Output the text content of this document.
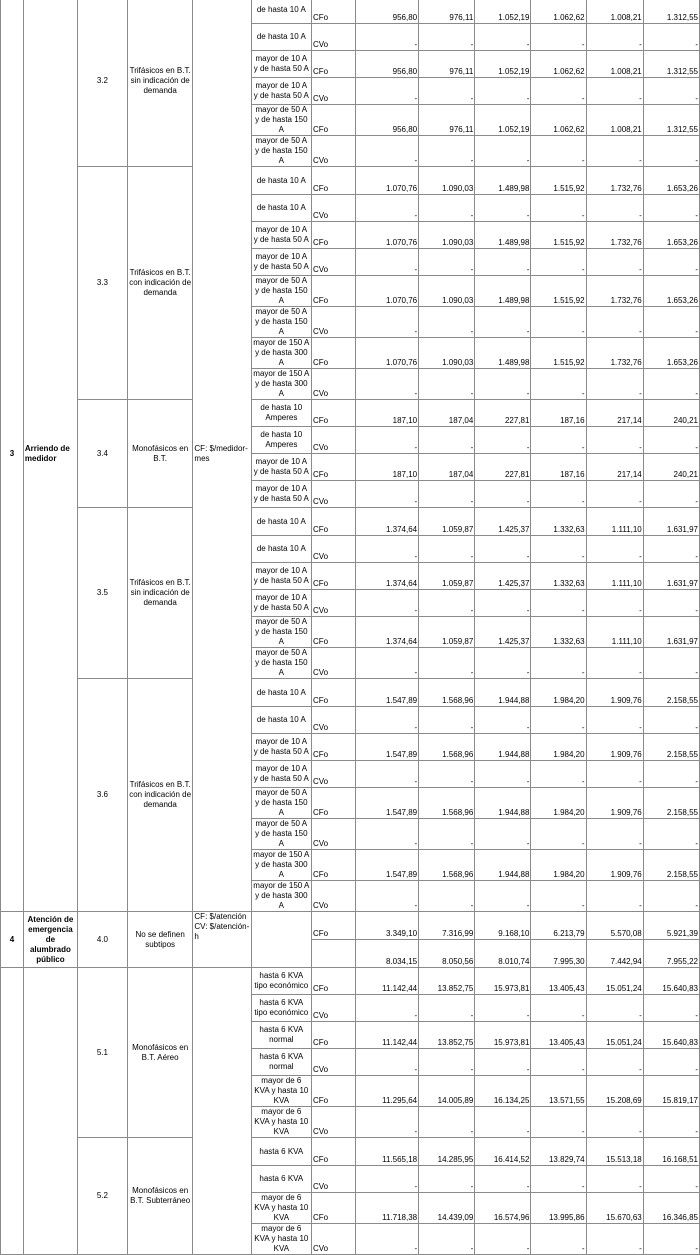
3	Arriendo de medidor	3.2	Trifásicos en B.T. sin indicación de demanda	CF: $/medidor-mes	de hasta 10 A	CFo	956,80	976,11	1.052,19	1.062,62	1.008,21	1.312,55
					de hasta 10 A	CVo	-	-	-	-	-	-
					mayor de 10 A y de hasta 50 A	CFo	956,80	976,11	1.052,19	1.062,62	1.008,21	1.312,55
					mayor de 10 A y de hasta 50 A	CVo	-	-	-	-	-	-
					mayor de 50 A y de hasta 150 A	CFo	956,80	976,11	1.052,19	1.062,62	1.008,21	1.312,55
					mayor de 50 A y de hasta 150 A	CVo	-	-	-	-	-	-
		3.3	Trifásicos en B.T. con indicación de demanda		de hasta 10 A	CFo	1.070,76	1.090,03	1.489,98	1.515,92	1.732,76	1.653,26
					de hasta 10 A	CVo	-	-	-	-	-	-
					mayor de 10 A y de hasta 50 A	CFo	1.070,76	1.090,03	1.489,98	1.515,92	1.732,76	1.653,26
					mayor de 10 A y de hasta 50 A	CVo	-	-	-	-	-	-
					mayor de 50 A y de hasta 150 A	CFo	1.070,76	1.090,03	1.489,98	1.515,92	1.732,76	1.653,26
					mayor de 50 A y de hasta 150 A	CVo	-	-	-	-	-	-
					mayor de 150 A y de hasta 300 A	CFo	1.070,76	1.090,03	1.489,98	1.515,92	1.732,76	1.653,26
					mayor de 150 A y de hasta 300 A	CVo	-	-	-	-	-	-
		3.4	Monofásicos en B.T.		de hasta 10 Amperes	CFo	187,10	187,04	227,81	187,16	217,14	240,21
					de hasta 10 Amperes	CVo	-	-	-	-	-	-
					mayor de 10 A y de hasta 50 A	CFo	187,10	187,04	227,81	187,16	217,14	240,21
					mayor de 10 A y de hasta 50 A	CVo	-	-	-	-	-	-
		3.5	Trifásicos en B.T. sin indicación de demanda		de hasta 10 A	CFo	1.374,64	1.059,87	1.425,37	1.332,63	1.111,10	1.631,97
					de hasta 10 A	CVo	-	-	-	-	-	-
					mayor de 10 A y de hasta 50 A	CFo	1.374,64	1.059,87	1.425,37	1.332,63	1.111,10	1.631,97
					mayor de 10 A y de hasta 50 A	CVo	-	-	-	-	-	-
					mayor de 50 A y de hasta 150 A	CFo	1.374,64	1.059,87	1.425,37	1.332,63	1.111,10	1.631,97
					mayor de 50 A y de hasta 150 A	CVo	-	-	-	-	-	-
		3.6	Trifásicos en B.T. con indicación de demanda		de hasta 10 A	CFo	1.547,89	1.568,96	1.944,88	1.984,20	1.909,76	2.158,55
					de hasta 10 A	CVo	-	-	-	-	-	-
					mayor de 10 A y de hasta 50 A	CFo	1.547,89	1.568,96	1.944,88	1.984,20	1.909,76	2.158,55
					mayor de 10 A y de hasta 50 A	CVo	-	-	-	-	-	-
					mayor de 50 A y de hasta 150 A	CFo	1.547,89	1.568,96	1.944,88	1.984,20	1.909,76	2.158,55
					mayor de 50 A y de hasta 150 A	CVo	-	-	-	-	-	-
					mayor de 150 A y de hasta 300 A	CFo	1.547,89	1.568,96	1.944,88	1.984,20	1.909,76	2.158,55
					mayor de 150 A y de hasta 300 A	CVo	-	-	-	-	-	-
4	Atención de emergencia de alumbrado público	4.0	No se definen subtipos	CF: $/atención CV: $/atención-h		CFo	3.349,10	7.316,99	9.168,10	6.213,79	5.570,08	5.921,39
							8.034,15	8.050,56	8.010,74	7.995,30	7.442,94	7.955,22
		5.1	Monofásicos en B.T. Aéreo		hasta 6 KVA tipo económico	CFo	11.142,44	13.852,75	15.973,81	13.405,43	15.051,24	15.640,83
					hasta 6 KVA tipo económico	CVo	-	-	-	-	-	-
					hasta 6 KVA normal	CFo	11.142,44	13.852,75	15.973,81	13.405,43	15.051,24	15.640,83
					hasta 6 KVA normal	CVo	-	-	-	-	-	-
					mayor de 6 KVA y hasta 10 KVA	CFo	11.295,64	14.005,89	16.134,25	13.571,55	15.208,69	15.819,17
					mayor de 6 KVA y hasta 10 KVA	CVo	-	-	-	-	-	-
		5.2	Monofásicos en B.T. Subterráneo		hasta 6 KVA	CFo	11.565,18	14.285,95	16.414,52	13.829,74	15.513,18	16.168,51
					hasta 6 KVA	CVo	-	-	-	-	-	-
					mayor de 6 KVA y hasta 10 KVA	CFo	11.718,38	14.439,09	16.574,96	13.995,86	15.670,63	16.346,85
					mayor de 6 KVA y hasta 10 KVA	CVo	-	-	-	-	-	-
